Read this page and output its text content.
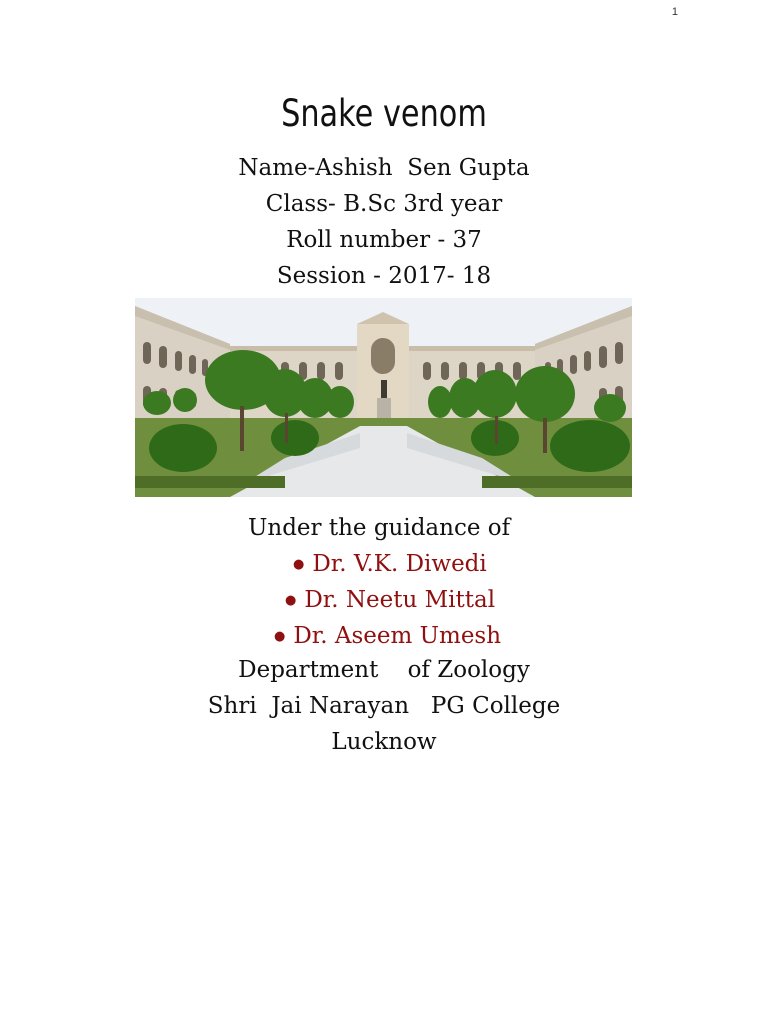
1
Snake venom
Name-Ashish  Sen Gupta
Class- B.Sc 3rd year
Roll number - 37
Session - 2017- 18
Under the guidance of
● Dr. V.K. Diwedi
● Dr. Neetu Mittal
● Dr. Aseem Umesh
Department    of Zoology
Shri  Jai Narayan   PG College
Lucknow
